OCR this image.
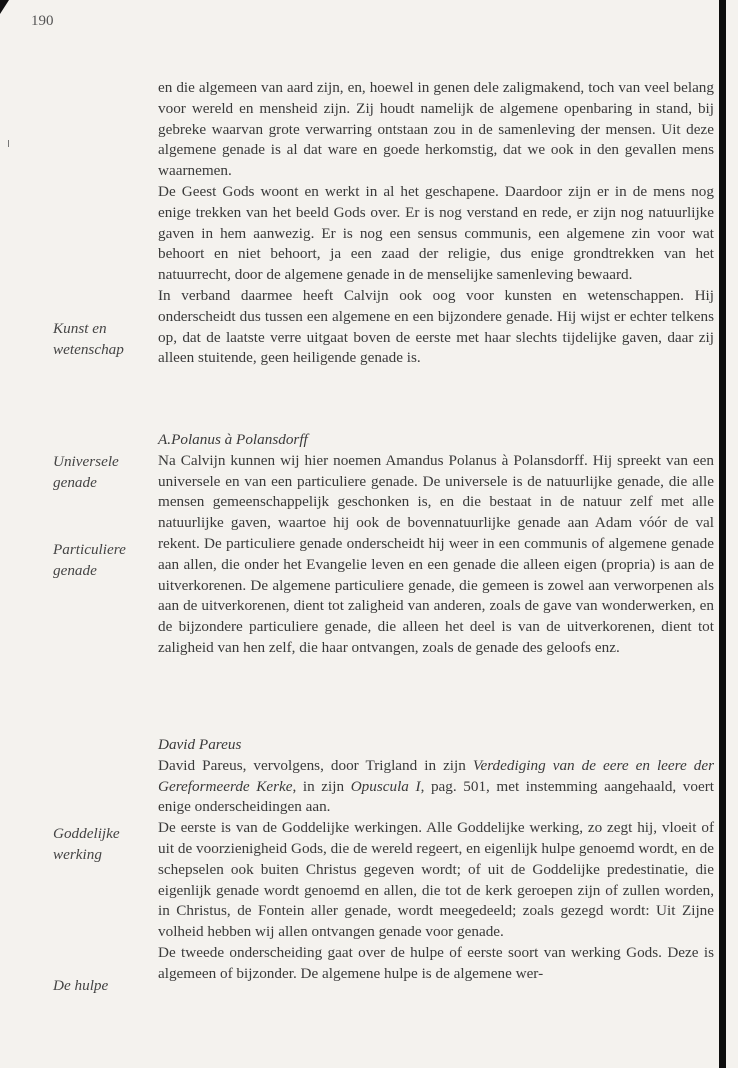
190
Kunst en
wetenschap
Universele
genade
Particuliere
genade
Goddelijke
werking
De hulpe

en die algemeen van aard zijn, en, hoewel in genen dele zaligmakend, toch van veel belang voor wereld en mensheid zijn. Zij houdt namelijk de algemene openbaring in stand, bij gebreke waarvan grote verwarring ontstaan zou in de samenleving der mensen. Uit deze algemene genade is al dat ware en goede herkomstig, dat we ook in den gevallen mens waarnemen.

De Geest Gods woont en werkt in al het geschapene. Daardoor zijn er in de mens nog enige trekken van het beeld Gods over. Er is nog verstand en rede, er zijn nog natuurlijke gaven in hem aanwezig. Er is nog een sensus communis, een algemene zin voor wat behoort en niet behoort, ja een zaad der religie, dus enige grondtrekken van het natuurrecht, door de algemene genade in de menselijke samenleving bewaard.

In verband daarmee heeft Calvijn ook oog voor kunsten en wetenschappen. Hij onderscheidt dus tussen een algemene en een bijzondere genade. Hij wijst er echter telkens op, dat de laatste verre uitgaat boven de eerste met haar slechts tijdelijke gaven, daar zij alleen stuitende, geen heiligende genade is.

A.Polanus à Polansdorff

Na Calvijn kunnen wij hier noemen Amandus Polanus à Polansdorff. Hij spreekt van een universele en van een particuliere genade. De universele is de natuurlijke genade, die alle mensen gemeenschappelijk geschonken is, en die bestaat in de natuur zelf met alle natuurlijke gaven, waartoe hij ook de bovennatuurlijke genade aan Adam vóór de val rekent. De particuliere genade onderscheidt hij weer in een communis of algemene genade aan allen, die onder het Evangelie leven en een genade die alleen eigen (propria) is aan de uitverkorenen. De algemene particuliere genade, die gemeen is zowel aan verworpenen als aan de uitverkorenen, dient tot zaligheid van anderen, zoals de gave van wonderwerken, en de bijzondere particuliere genade, die alleen het deel is van de uitverkorenen, dient tot zaligheid van hen zelf, die haar ontvangen, zoals de genade des geloofs enz.

David Pareus

David Pareus, vervolgens, door Trigland in zijn Verdediging van de eere en leere der Gereformeerde Kerke, in zijn Opuscula I, pag. 501, met instemming aangehaald, voert enige onderscheidingen aan.

De eerste is van de Goddelijke werkingen. Alle Goddelijke werking, zo zegt hij, vloeit of uit de voorzienigheid Gods, die de wereld regeert, en eigenlijk hulpe genoemd wordt, en de schepselen ook buiten Christus gegeven wordt; of uit de Goddelijke predestinatie, die eigenlijk genade wordt genoemd en allen, die tot de kerk geroepen zijn of zullen worden, in Christus, de Fontein aller genade, wordt meegedeeld; zoals gezegd wordt: Uit Zijne volheid hebben wij allen ontvangen genade voor genade.

De tweede onderscheiding gaat over de hulpe of eerste soort van werking Gods. Deze is algemeen of bijzonder. De algemene hulpe is de algemene wer-
